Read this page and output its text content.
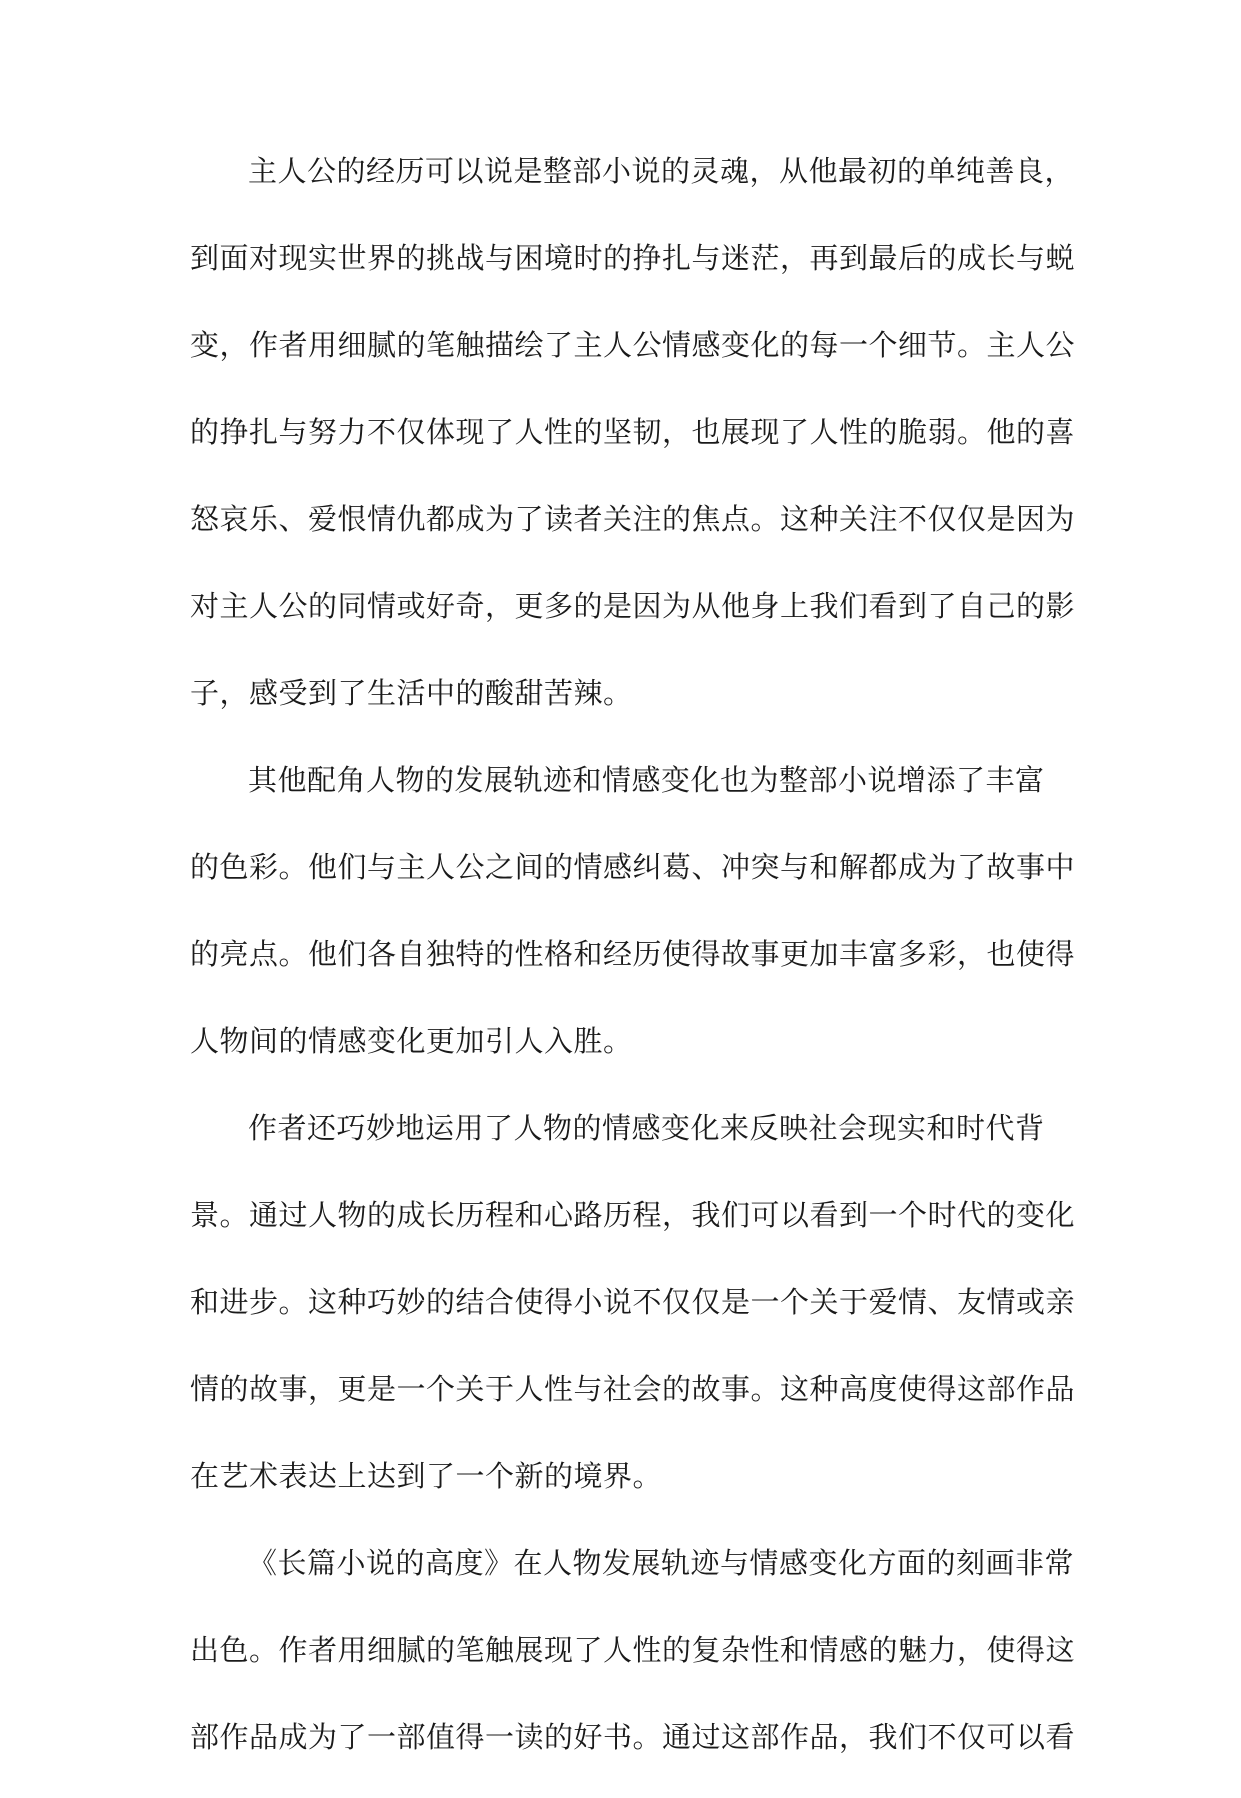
主人公的经历可以说是整部小说的灵魂，从他最初的单纯善良，
到面对现实世界的挑战与困境时的挣扎与迷茫，再到最后的成长与蜕
变，作者用细腻的笔触描绘了主人公情感变化的每一个细节。主人公
的挣扎与努力不仅体现了人性的坚韧，也展现了人性的脆弱。他的喜
怒哀乐、爱恨情仇都成为了读者关注的焦点。这种关注不仅仅是因为
对主人公的同情或好奇，更多的是因为从他身上我们看到了自己的影
子，感受到了生活中的酸甜苦辣。
其他配角人物的发展轨迹和情感变化也为整部小说增添了丰富
的色彩。他们与主人公之间的情感纠葛、冲突与和解都成为了故事中
的亮点。他们各自独特的性格和经历使得故事更加丰富多彩，也使得
人物间的情感变化更加引人入胜。
作者还巧妙地运用了人物的情感变化来反映社会现实和时代背
景。通过人物的成长历程和心路历程，我们可以看到一个时代的变化
和进步。这种巧妙的结合使得小说不仅仅是一个关于爱情、友情或亲
情的故事，更是一个关于人性与社会的故事。这种高度使得这部作品
在艺术表达上达到了一个新的境界。
《长篇小说的高度》在人物发展轨迹与情感变化方面的刻画非常
出色。作者用细腻的笔触展现了人性的复杂性和情感的魅力，使得这
部作品成为了一部值得一读的好书。通过这部作品，我们不仅可以看
